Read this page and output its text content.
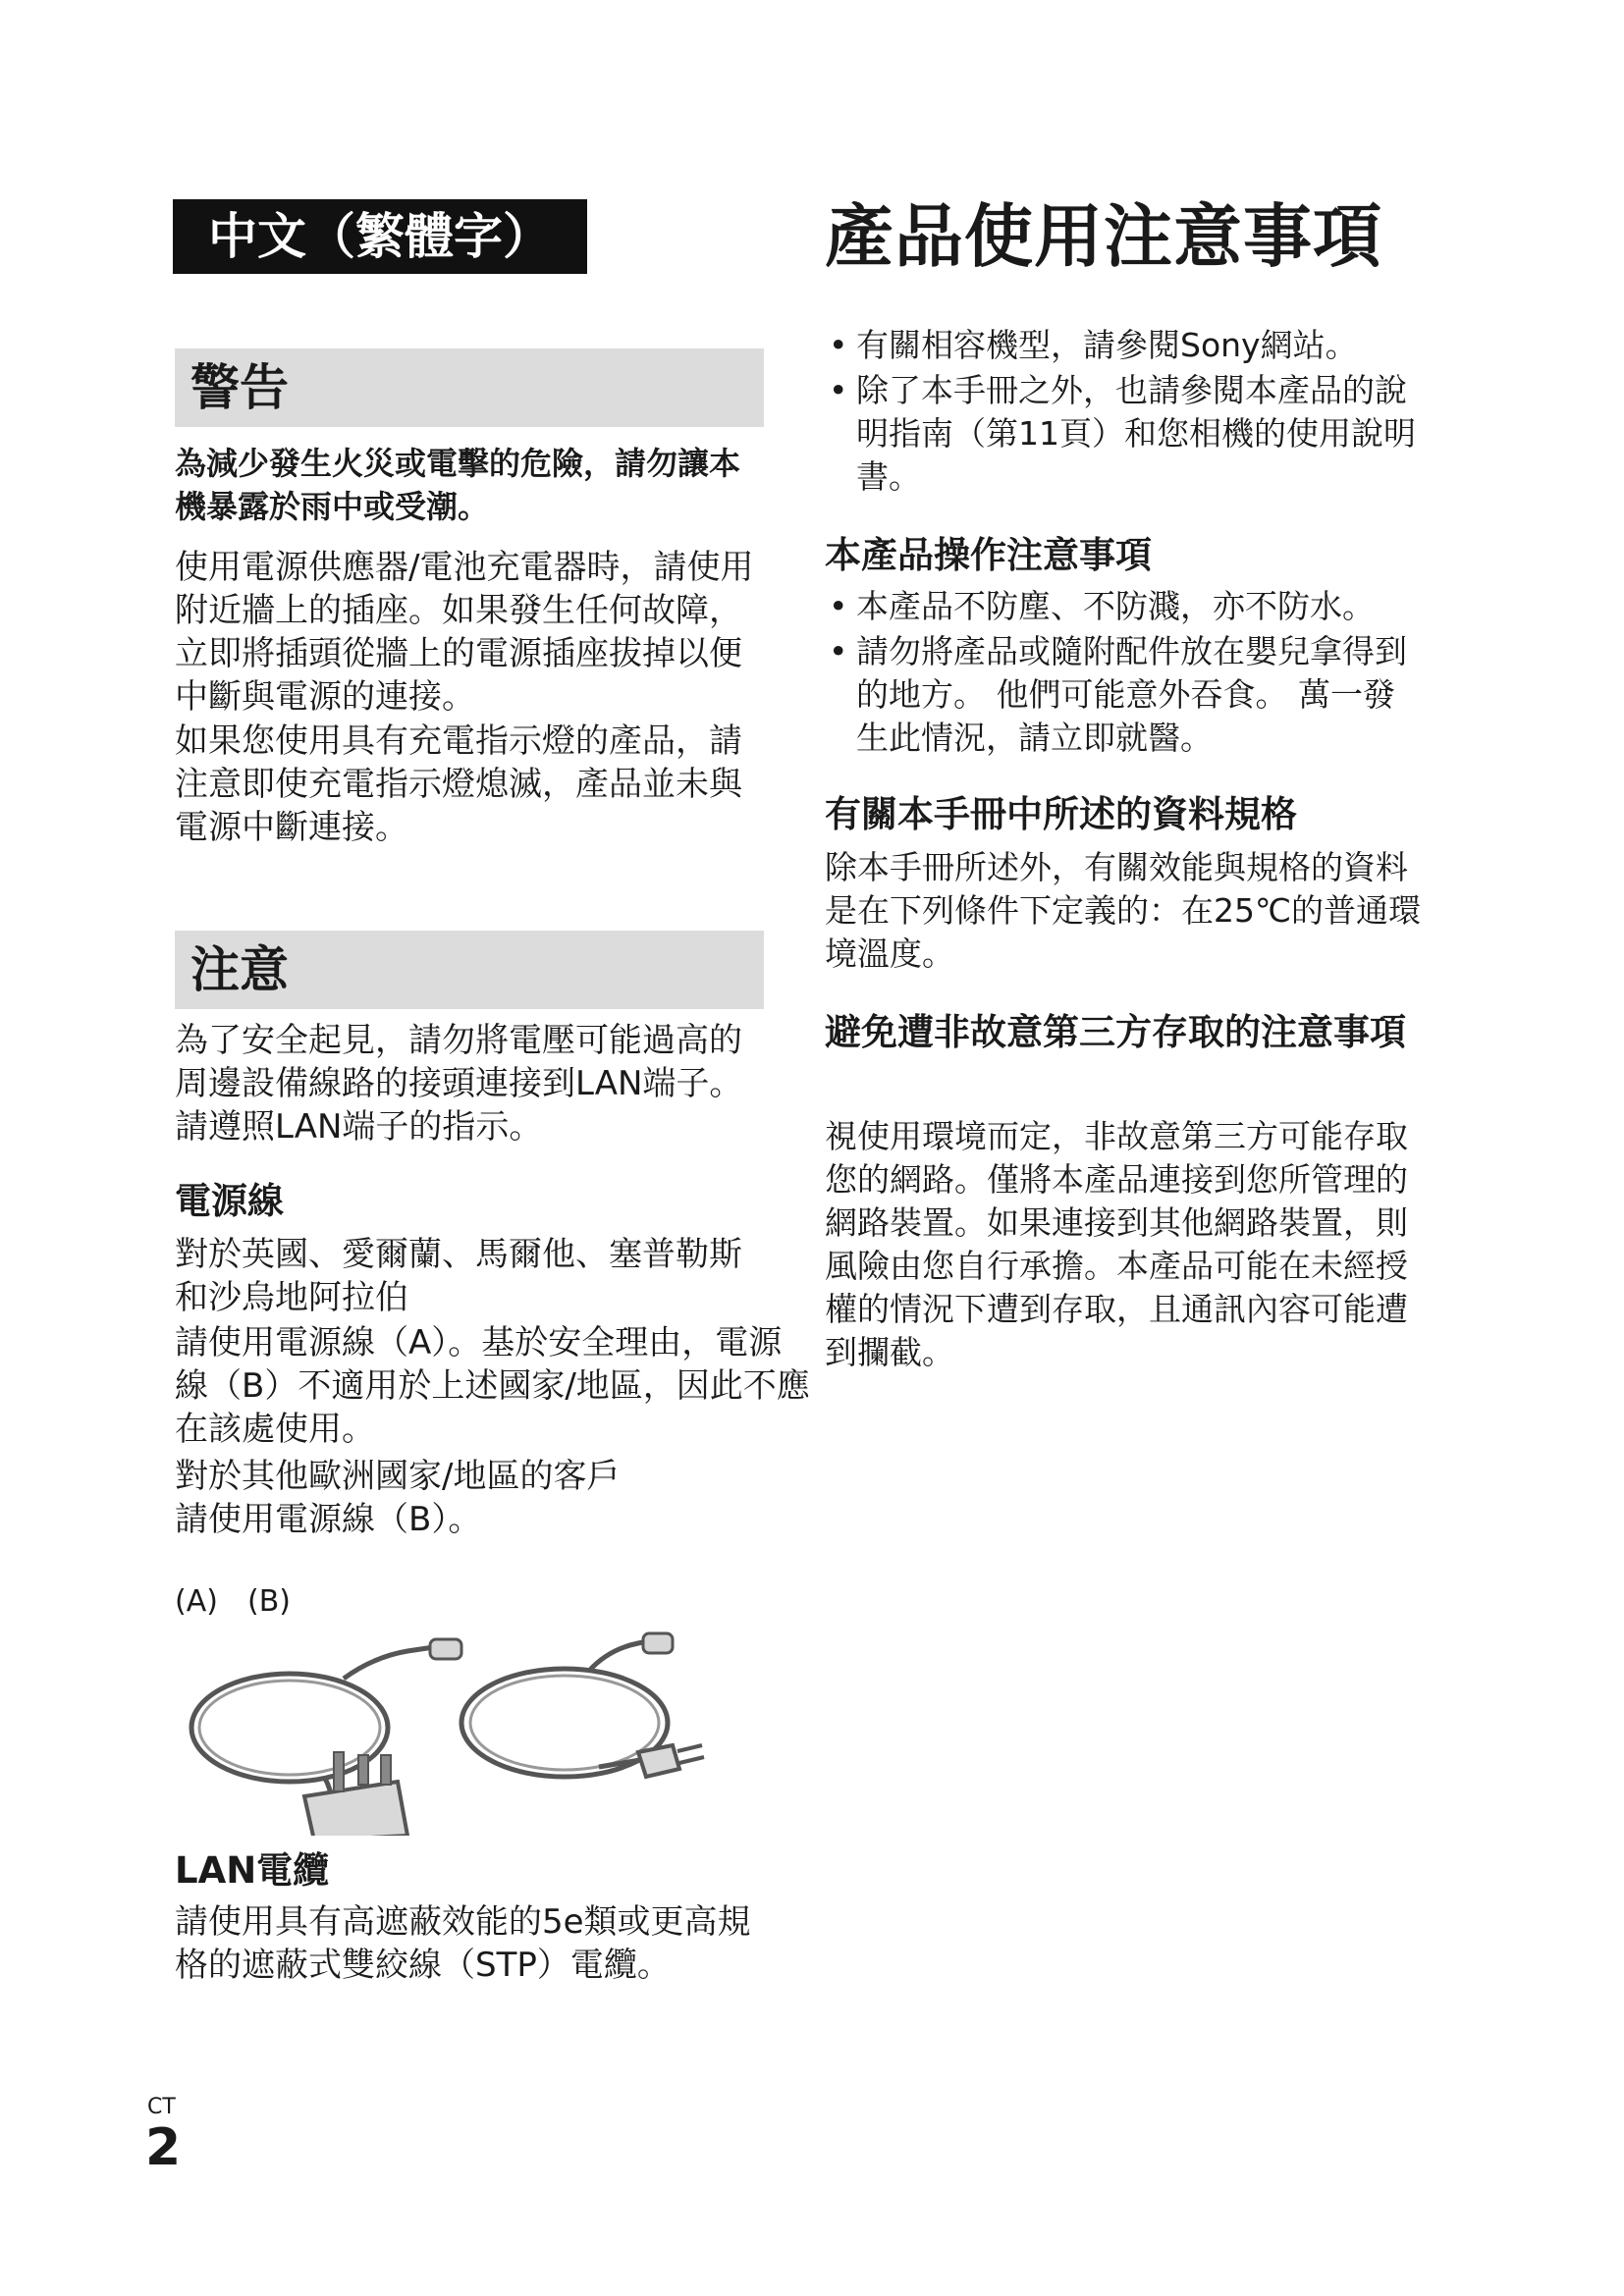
中文（繁體字）	產品使用注意事項
警告
為減少發生火災或電擊的危險，請勿讓本機暴露於雨中或受潮。
使用電源供應器/電池充電器時，請使用附近牆上的插座。如果發生任何故障，立即將插頭從牆上的電源插座拔掉以便中斷與電源的連接。
如果您使用具有充電指示燈的產品，請注意即使充電指示燈熄滅，產品並未與電源中斷連接。
注意
為了安全起見，請勿將電壓可能過高的周邊設備線路的接頭連接到LAN端子。請遵照LAN端子的指示。
電源線
對於英國、愛爾蘭、馬爾他、塞普勒斯和沙烏地阿拉伯
請使用電源線（A）。基於安全理由，電源線（B）不適用於上述國家/地區，因此不應在該處使用。
對於其他歐洲國家/地區的客戶
請使用電源線（B）。
(A) (B)
LAN電纜
請使用具有高遮蔽效能的5e類或更高規格的遮蔽式雙絞線（STP）電纜。
• 有關相容機型，請參閱Sony網站。
• 除了本手冊之外，也請參閱本產品的說明指南（第11頁）和您相機的使用說明書。
本產品操作注意事項
• 本產品不防塵、不防濺，亦不防水。
• 請勿將產品或隨附配件放在嬰兒拿得到的地方。 他們可能意外吞食。 萬一發生此情況，請立即就醫。
有關本手冊中所述的資料規格
除本手冊所述外，有關效能與規格的資料是在下列條件下定義的：在25℃的普通環境溫度。
避免遭非故意第三方存取的注意事項
視使用環境而定，非故意第三方可能存取您的網路。僅將本產品連接到您所管理的網路裝置。如果連接到其他網路裝置，則風險由您自行承擔。本產品可能在未經授權的情況下遭到存取，且通訊內容可能遭到攔截。
CT
2
